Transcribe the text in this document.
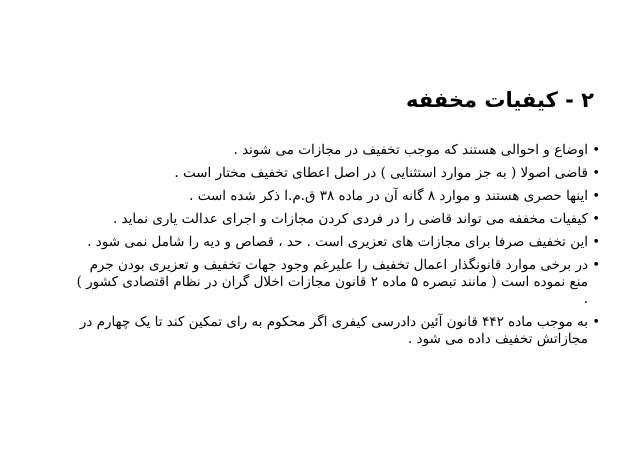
۲ - کیفیات مخففه
• اوضاع و احوالی هستند که موجب تخفیف در مجازات می شوند .
• قاضی اصولا ( به جز موارد استثنایی ) در اصل اعطای تخفیف مختار است .
• اینها حصری هستند و موارد ۸ گانه آن در ماده ۳۸ ق.م.ا ذکر شده است .
• کیفیات مخففه می تواند قاضی را در فردی کردن مجازات و اجرای عدالت یاری نماید .
• این تخفیف صرفا برای مجازات های تعزیری است . حد ، قصاص و دیه را شامل نمی شود .
• در برخی موارد قانونگذار اعمال تخفیف را علیرغم وجود جهات تخفیف و تعزیری بودن جرم منع نموده است ( مانند تبصره ۵ ماده ۲ قانون مجازات اخلال گران در نظام اقتصادی کشور ) .
• به موجب ماده ۴۴۲ قانون آئین دادرسی کیفری اگر محکوم به رای تمکین کند تا یک چهارم در مجازاتش تخفیف داده می شود .
